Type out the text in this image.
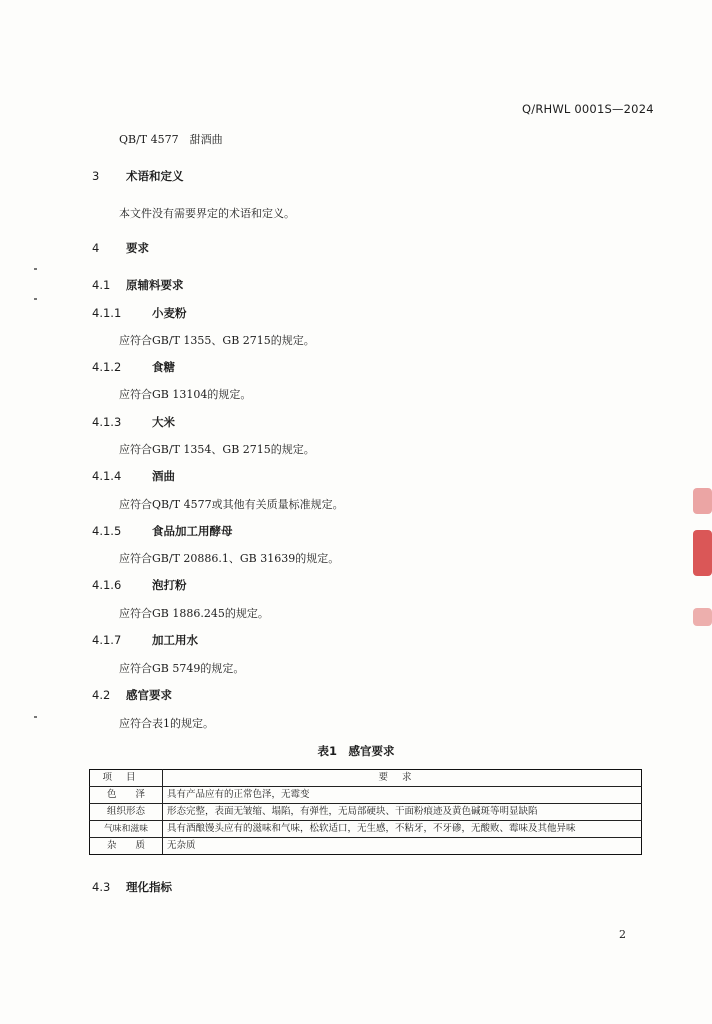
Q/RHWL 0001S—2024
QB/T 4577　甜酒曲
3 术语和定义
本文件没有需要界定的术语和定义。
4 要求
4.1 原辅料要求
4.1.1	小麦粉
应符合GB/T 1355、GB 2715的规定。
4.1.2	食糖
应符合GB 13104的规定。
4.1.3	大米
应符合GB/T 1354、GB 2715的规定。
4.1.4	酒曲
应符合QB/T 4577或其他有关质量标准规定。
4.1.5	食品加工用酵母
应符合GB/T 20886.1、GB 31639的规定。
4.1.6	泡打粉
应符合GB 1886.245的规定。
4.1.7	加工用水
应符合GB 5749的规定。
4.2 感官要求
应符合表1的规定。
表1　感官要求
项目	要求
色　　泽	具有产品应有的正常色泽，无霉变
组织形态	形态完整，表面无皱缩、塌陷，有弹性，无局部硬块、干面粉痕迹及黄色碱斑等明显缺陷
气味和滋味	具有酒酿馒头应有的滋味和气味，松软适口，无生感，不粘牙，不牙碜，无酸败、霉味及其他异味
杂　　质	无杂质
4.3 理化指标
2
